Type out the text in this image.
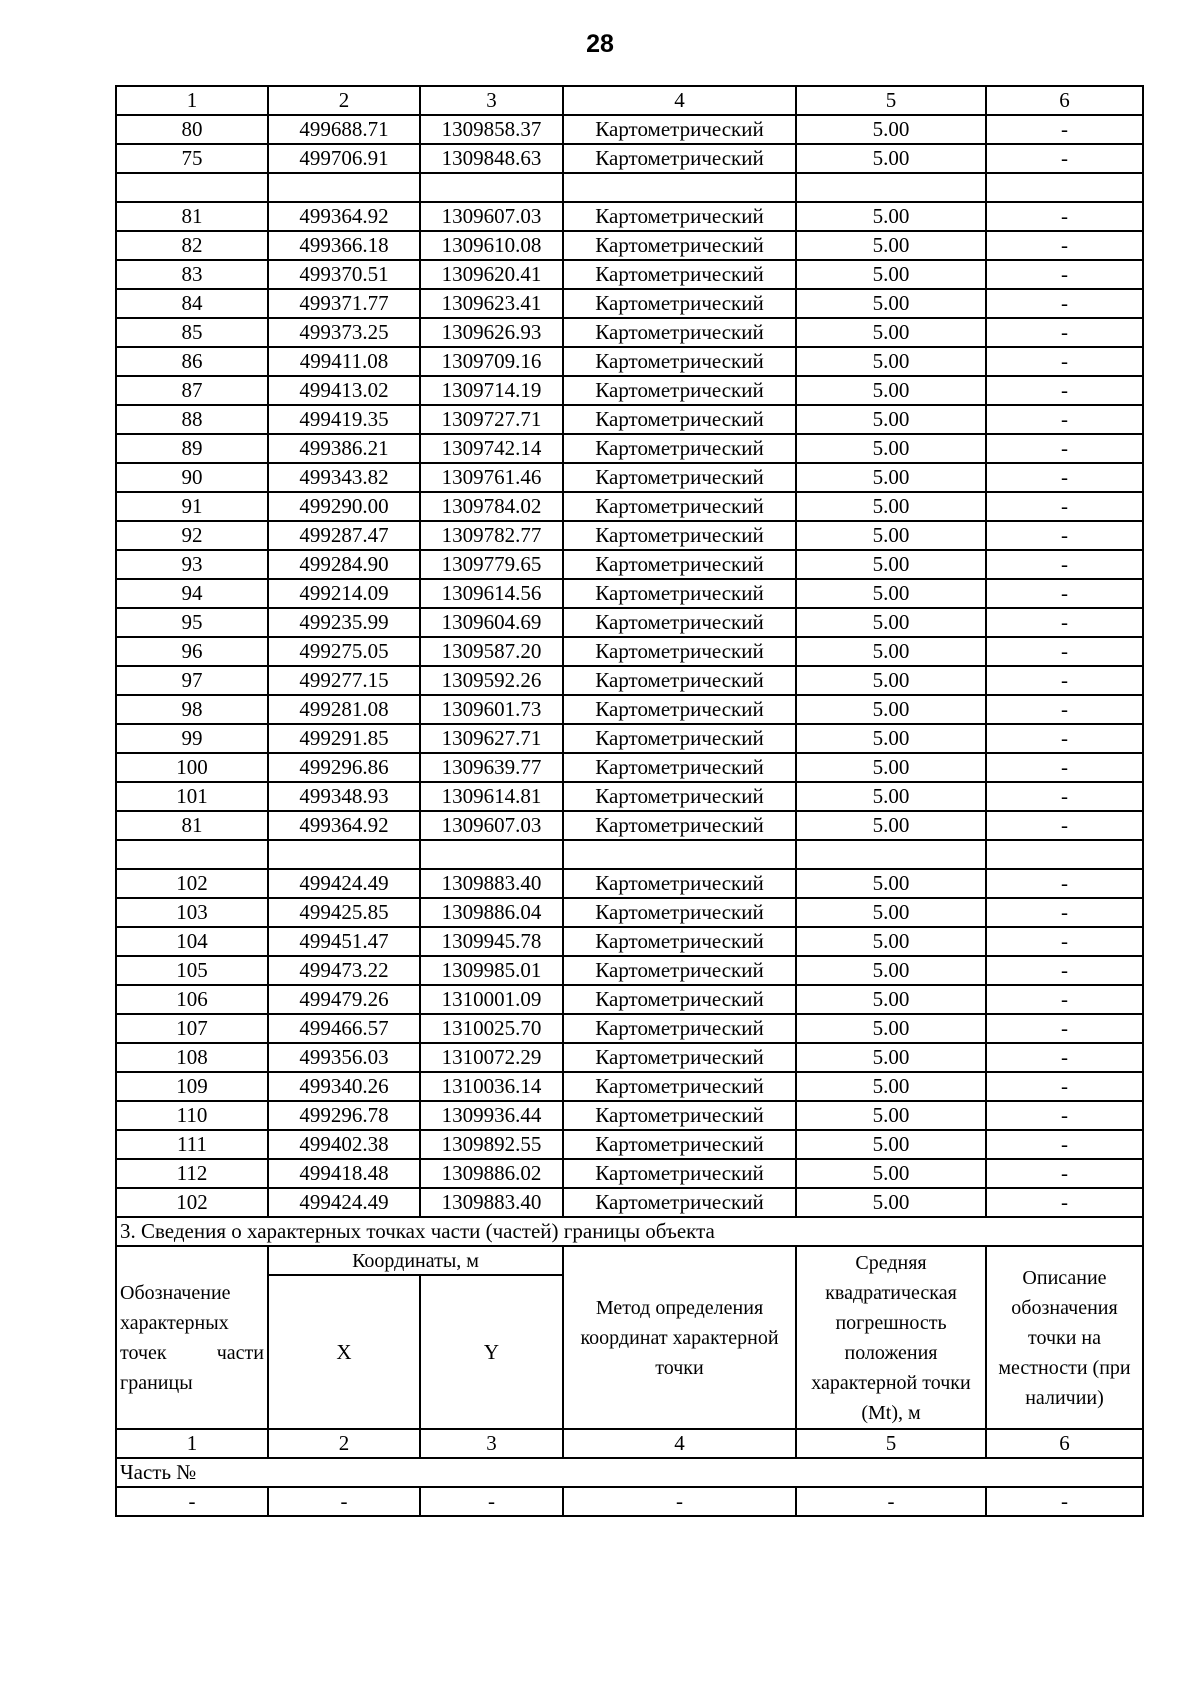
28
1	2	3	4	5	6
80	499688.71	1309858.37	Картометрический	5.00	-
75	499706.91	1309848.63	Картометрический	5.00	-

81	499364.92	1309607.03	Картометрический	5.00	-
82	499366.18	1309610.08	Картометрический	5.00	-
83	499370.51	1309620.41	Картометрический	5.00	-
84	499371.77	1309623.41	Картометрический	5.00	-
85	499373.25	1309626.93	Картометрический	5.00	-
86	499411.08	1309709.16	Картометрический	5.00	-
87	499413.02	1309714.19	Картометрический	5.00	-
88	499419.35	1309727.71	Картометрический	5.00	-
89	499386.21	1309742.14	Картометрический	5.00	-
90	499343.82	1309761.46	Картометрический	5.00	-
91	499290.00	1309784.02	Картометрический	5.00	-
92	499287.47	1309782.77	Картометрический	5.00	-
93	499284.90	1309779.65	Картометрический	5.00	-
94	499214.09	1309614.56	Картометрический	5.00	-
95	499235.99	1309604.69	Картометрический	5.00	-
96	499275.05	1309587.20	Картометрический	5.00	-
97	499277.15	1309592.26	Картометрический	5.00	-
98	499281.08	1309601.73	Картометрический	5.00	-
99	499291.85	1309627.71	Картометрический	5.00	-
100	499296.86	1309639.77	Картометрический	5.00	-
101	499348.93	1309614.81	Картометрический	5.00	-
81	499364.92	1309607.03	Картометрический	5.00	-

102	499424.49	1309883.40	Картометрический	5.00	-
103	499425.85	1309886.04	Картометрический	5.00	-
104	499451.47	1309945.78	Картометрический	5.00	-
105	499473.22	1309985.01	Картометрический	5.00	-
106	499479.26	1310001.09	Картометрический	5.00	-
107	499466.57	1310025.70	Картометрический	5.00	-
108	499356.03	1310072.29	Картометрический	5.00	-
109	499340.26	1310036.14	Картометрический	5.00	-
110	499296.78	1309936.44	Картометрический	5.00	-
111	499402.38	1309892.55	Картометрический	5.00	-
112	499418.48	1309886.02	Картометрический	5.00	-
102	499424.49	1309883.40	Картометрический	5.00	-
3. Сведения о характерных точках части (частей) границы объекта					
Обозначение характерных точек части границы	Координаты, м		Метод определения координат характерной точки	Средняя квадратическая погрешность положения характерной точки (Mt), м	Описание обозначения точки на местности (при наличии)
	X	Y			
1	2	3	4	5	6
Часть №					
-	-	-	-	-	-
